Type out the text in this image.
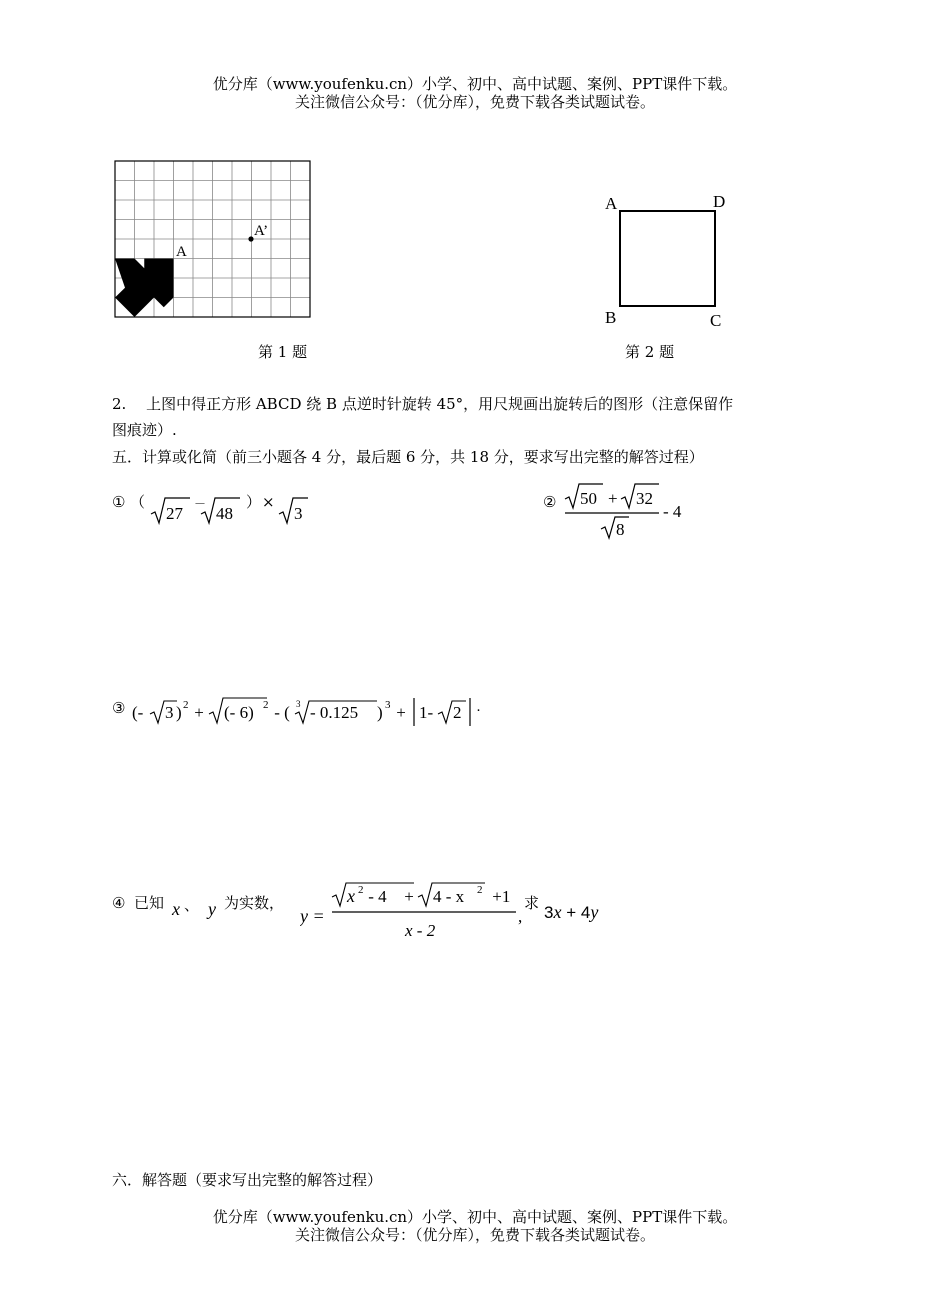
优分库（www.youfenku.cn）小学、初中、高中试题、案例、PPT课件下载。
关注微信公众号：（优分库），免费下载各类试题试卷。
A
A’
第 1 题
A	D
B	C
第 2 题
2.　 上图中得正方形 ABCD 绕 B 点逆时针旋转 45°，用尺规画出旋转后的图形（注意保留作
图痕迹）.
五．计算或化简（前三小题各 4 分，最后题 6 分，共 18 分，要求写出完整的解答过程）
① （
27 － 48
） ×
3
② 50 + 32
8
- 4
③ (- 3 ) 2 + (- 6) 2 - ( 3 - 0.125 ) 3 + 1- 2 ·
④ 已知 x 、 y 为实数，
y =
x 2 - 4 + 4 - x 2 +1
x - 2
,
求 3x + 4y
六．解答题（要求写出完整的解答过程）
优分库（www.youfenku.cn）小学、初中、高中试题、案例、PPT课件下载。
关注微信公众号：（优分库），免费下载各类试题试卷。
